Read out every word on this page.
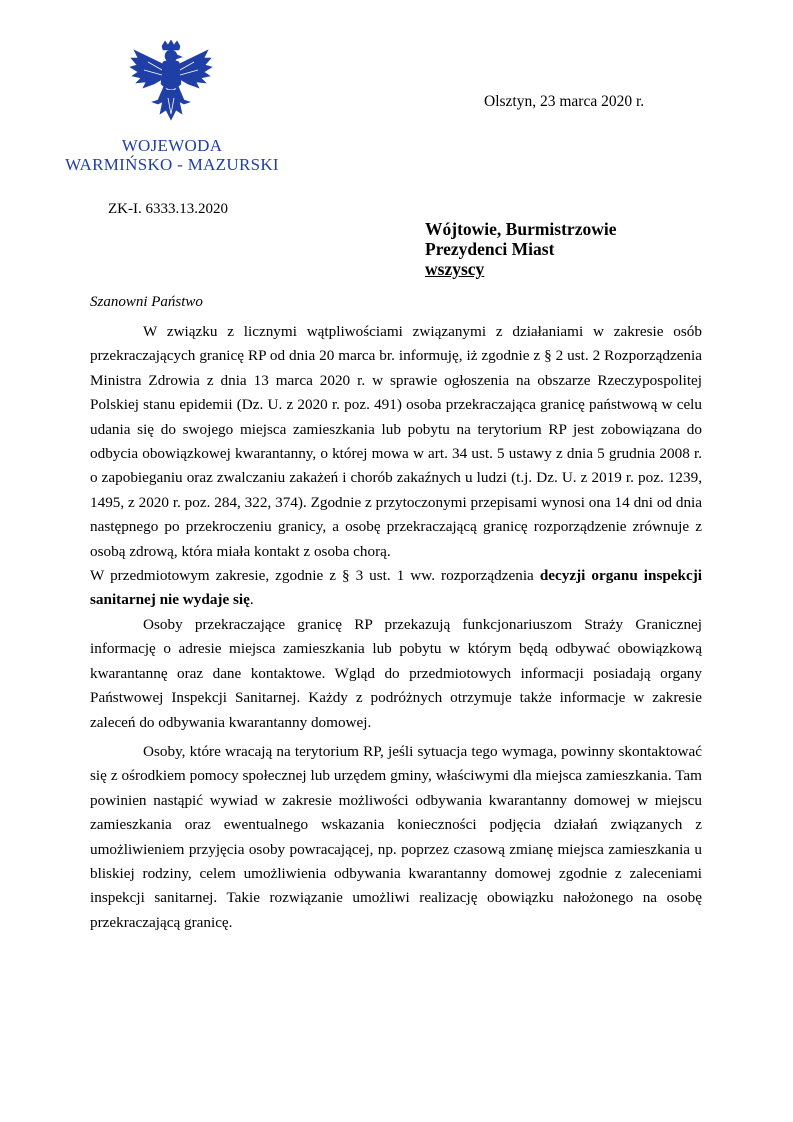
WOJEWODA
WARMIŃSKO - MAZURSKI
Olsztyn, 23 marca 2020 r.
ZK-I. 6333.13.2020
Wójtowie, Burmistrzowie
Prezydenci Miast
wszyscy
Szanowni Państwo

W związku z licznymi wątpliwościami związanymi z działaniami w zakresie osób przekraczających granicę RP od dnia 20 marca br. informuję, iż zgodnie z § 2 ust. 2 Rozporządzenia Ministra Zdrowia z dnia 13 marca 2020 r. w sprawie ogłoszenia na obszarze Rzeczypospolitej Polskiej stanu epidemii (Dz. U. z 2020 r. poz. 491) osoba przekraczająca granicę państwową w celu udania się do swojego miejsca zamieszkania lub pobytu na terytorium RP jest zobowiązana do odbycia obowiązkowej kwarantanny, o której mowa w art. 34 ust. 5 ustawy z dnia 5 grudnia 2008 r. o zapobieganiu oraz zwalczaniu zakażeń i chorób zakaźnych u ludzi (t.j. Dz. U. z 2019 r. poz. 1239, 1495, z 2020 r. poz. 284, 322, 374). Zgodnie z przytoczonymi przepisami wynosi ona 14 dni od dnia następnego po przekroczeniu granicy, a osobę przekraczającą granicę rozporządzenie zrównuje z osobą zdrową, która miała kontakt z osoba chorą.

W przedmiotowym zakresie, zgodnie z § 3 ust. 1 ww. rozporządzenia decyzji organu inspekcji sanitarnej nie wydaje się.

Osoby przekraczające granicę RP przekazują funkcjonariuszom Straży Granicznej informację o adresie miejsca zamieszkania lub pobytu w którym będą odbywać obowiązkową kwarantannę oraz dane kontaktowe. Wgląd do przedmiotowych informacji posiadają organy Państwowej Inspekcji Sanitarnej. Każdy z podróżnych otrzymuje także informacje w zakresie zaleceń do odbywania kwarantanny domowej.

Osoby, które wracają na terytorium RP, jeśli sytuacja tego wymaga, powinny skontaktować się z ośrodkiem pomocy społecznej lub urzędem gminy, właściwymi dla miejsca zamieszkania. Tam powinien nastąpić wywiad w zakresie możliwości odbywania kwarantanny domowej w miejscu zamieszkania oraz ewentualnego wskazania konieczności podjęcia działań związanych z umożliwieniem przyjęcia osoby powracającej, np. poprzez czasową zmianę miejsca zamieszkania u bliskiej rodziny, celem umożliwienia odbywania kwarantanny domowej zgodnie z zaleceniami inspekcji sanitarnej. Takie rozwiązanie umożliwi realizację obowiązku nałożonego na osobę przekraczającą granicę.
